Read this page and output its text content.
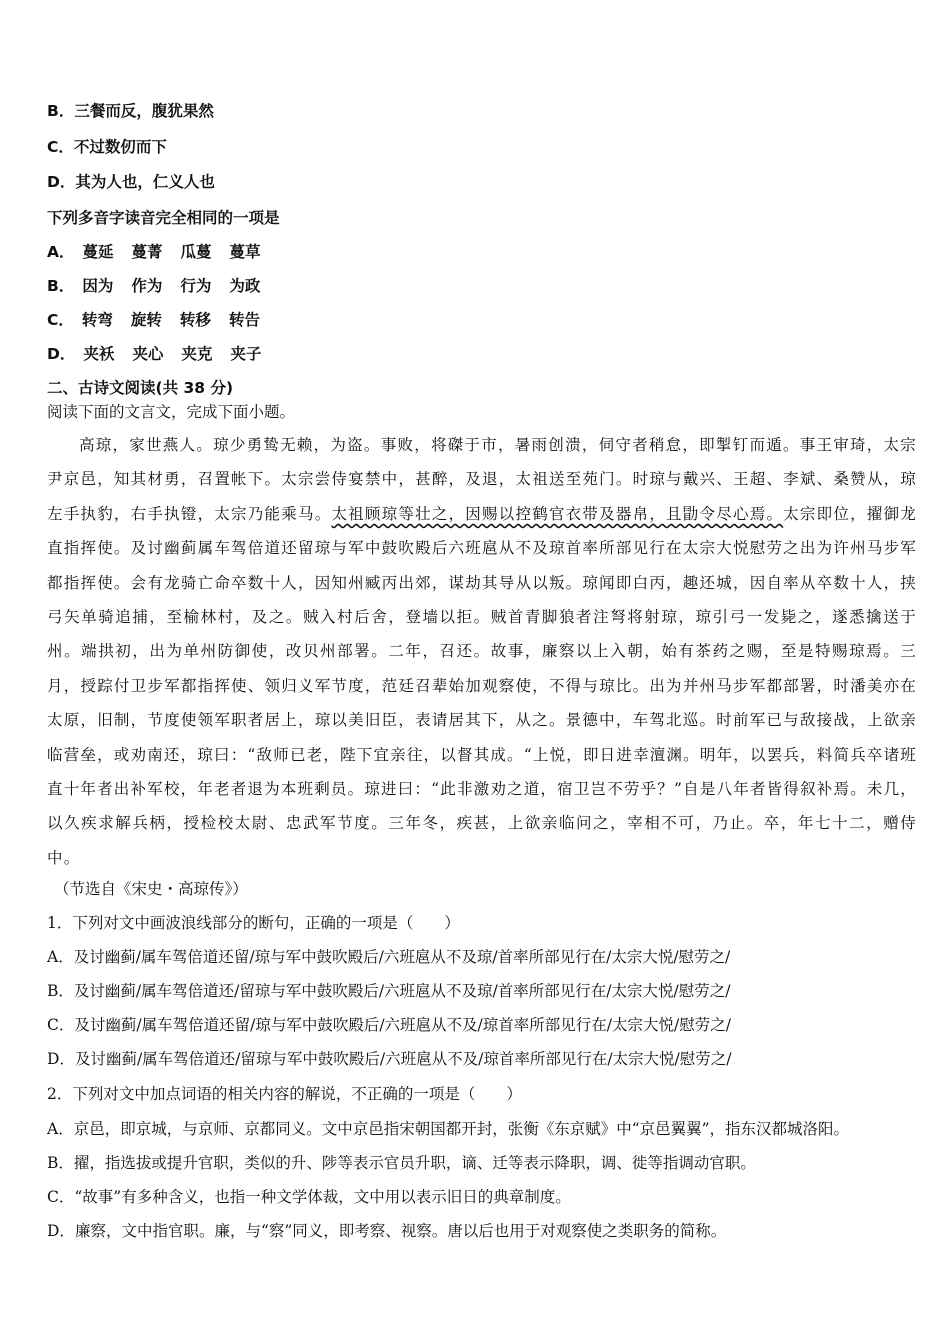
B．三餐而反，腹犹果然
C．不过数仞而下
D．其为人也，仁义人也
下列多音字读音完全相同的一项是
A． 蔓延 蔓菁 瓜蔓 蔓草
B． 因为 作为 行为 为政
C． 转弯 旋转 转移 转告
D． 夹袄 夹心 夹克 夹子
二、古诗文阅读(共 38 分)
阅读下面的文言文，完成下面小题。
高琼，家世燕人。琼少勇鸷无赖，为盗。事败，将磔于市，暑雨创溃，伺守者稍怠，即掣钉而遁。事王审琦，太宗尹京邑，知其材勇，召置帐下。太宗尝侍宴禁中，甚醉，及退，太祖送至苑门。时琼与戴兴、王超、李斌、桑赞从，琼左手执豹，右手执镫，太宗乃能乘马。太祖顾琼等壮之，因赐以控鹤官衣带及器帛，且勖令尽心焉。太宗即位，擢御龙直指挥使。及讨幽蓟属车驾倍道还留琼与军中鼓吹殿后六班扈从不及琼首率所部见行在太宗大悦慰劳之出为许州马步军都指挥使。会有龙骑亡命卒数十人，因知州臧丙出郊，谋劫其导从以叛。琼闻即白丙，趣还城，因自率从卒数十人，挟弓矢单骑追捕，至榆林村，及之。贼入村后舍，登墙以拒。贼首青脚狼者注弩将射琼，琼引弓一发毙之，遂悉擒送于州。端拱初，出为单州防御使，改贝州部署。二年，召还。故事，廉察以上入朝，始有茶药之赐，至是特赐琼焉。三月，授踪付卫步军都指挥使、领归义军节度，范廷召辈始加观察使，不得与琼比。出为并州马步军都部署，时潘美亦在太原，旧制，节度使领军职者居上，琼以美旧臣，表请居其下，从之。景德中，车驾北巡。时前军已与敌接战，上欲亲临营垒，或劝南还，琼曰：“敌师已老，陛下宜亲往，以督其成。“上悦，即日进幸澶渊。明年，以罢兵，料简兵卒诸班直十年者出补军校，年老者退为本班剩员。琼进曰：“此非激劝之道，宿卫岂不劳乎？”自是八年者皆得叙补焉。未几，以久疾求解兵柄，授检校太尉、忠武军节度。三年冬，疾甚，上欲亲临问之，宰相不可，乃止。卒，年七十二，赠侍中。
（节选自《宋史・高琼传》）
1．下列对文中画波浪线部分的断句，正确的一项是（　　）
A．及讨幽蓟/属车驾倍道还留/琼与军中鼓吹殿后/六班扈从不及琼/首率所部见行在/太宗大悦/慰劳之/
B．及讨幽蓟/属车驾倍道还/留琼与军中鼓吹殿后/六班扈从不及琼/首率所部见行在/太宗大悦/慰劳之/
C．及讨幽蓟/属车驾倍道还留/琼与军中鼓吹殿后/六班扈从不及/琼首率所部见行在/太宗大悦/慰劳之/
D．及讨幽蓟/属车驾倍道还/留琼与军中鼓吹殿后/六班扈从不及/琼首率所部见行在/太宗大悦/慰劳之/
2．下列对文中加点词语的相关内容的解说，不正确的一项是（　　）
A．京邑，即京城，与京师、京都同义。文中京邑指宋朝国都开封，张衡《东京赋》中“京邑翼翼”，指东汉都城洛阳。
B．擢，指选拔或提升官职，类似的升、陟等表示官员升职，谪、迁等表示降职，调、徙等指调动官职。
C．“故事”有多种含义，也指一种文学体裁，文中用以表示旧日的典章制度。
D．廉察，文中指官职。廉，与“察”同义，即考察、视察。唐以后也用于对观察使之类职务的简称。
